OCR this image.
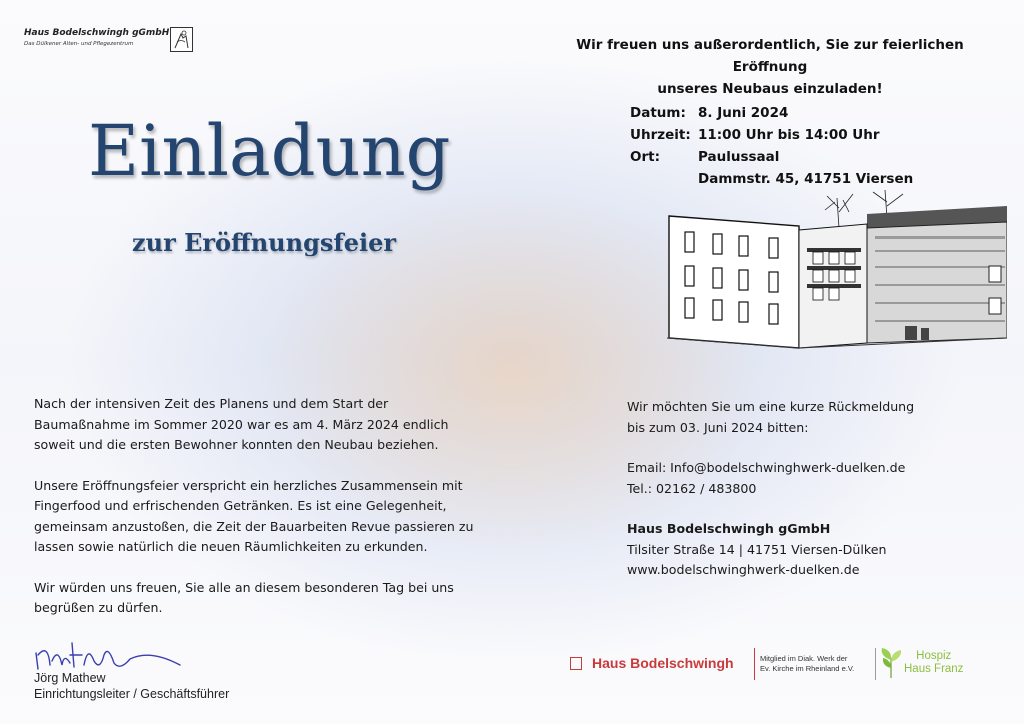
Haus Bodelschwingh gGmbH
Das Dülkener Alten- und Pflegezentrum
Einladung
zur Eröffnungsfeier
Wir freuen uns außerordentlich, Sie zur feierlichen Eröffnung
unseres Neubaus einzuladen!
Datum: 8. Juni 2024
Uhrzeit: 11:00 Uhr bis 14:00 Uhr
Ort:	Paulussaal
Dammstr. 45, 41751 Viersen

Nach der intensiven Zeit des Planens und dem Start der Baumaßnahme im Sommer 2020 war es am 4. März 2024 endlich soweit und die ersten Bewohner konnten den Neubau beziehen.

Unsere Eröffnungsfeier verspricht ein herzliches Zusammensein mit Fingerfood und erfrischenden Getränken. Es ist eine Gelegenheit, gemeinsam anzustoßen, die Zeit der Bauarbeiten Revue passieren zu lassen sowie natürlich die neuen Räumlichkeiten zu erkunden.

Wir würden uns freuen, Sie alle an diesem besonderen Tag bei uns begrüßen zu dürfen.

Jörg Mathew
Einrichtungsleiter / Geschäftsführer

Wir möchten Sie um eine kurze Rückmeldung
bis zum 03. Juni 2024 bitten:

Email: Info@bodelschwinghwerk-duelken.de
Tel.: 02162 / 483800

Haus Bodelschwingh gGmbH
Tilsiter Straße 14 | 41751 Viersen-Dülken
www.bodelschwinghwerk-duelken.de

Haus Bodelschwingh	Mitglied im Diak. Werk der
Ev. Kirche im Rheinland e.V.
Hospiz
Haus Franz
